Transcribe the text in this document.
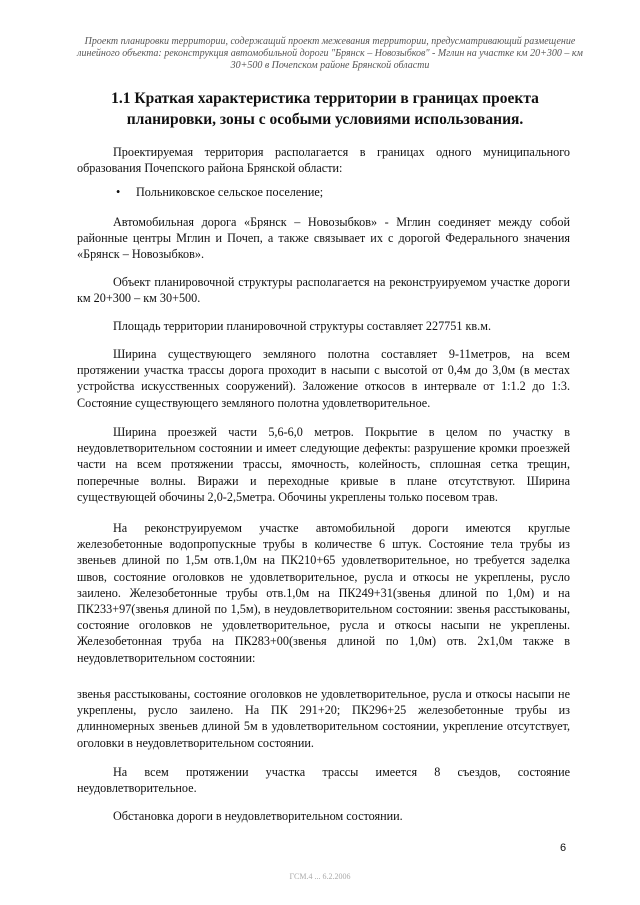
Проект планировки территории, содержащий проект межевания территории, предусматривающий размещение линейного объекта: реконструкция автомобильной дороги "Брянск – Новозыбков" - Мглин на участке км 20+300 – км 30+500 в Почепском районе Брянской области
1.1 Краткая характеристика территории в границах проекта планировки, зоны с особыми условиями использования.
Проектируемая территория располагается в границах одного муниципального образования Почепского района Брянской области:
• Польниковское сельское поселение;
Автомобильная дорога «Брянск – Новозыбков» - Мглин соединяет между собой районные центры Мглин и Почеп, а также связывает их с дорогой Федерального значения «Брянск – Новозыбков».
Объект планировочной структуры располагается на реконструируемом участке дороги км 20+300 – км 30+500.
Площадь территории планировочной структуры составляет 227751 кв.м.
Ширина существующего земляного полотна составляет 9-11метров, на всем протяжении участка трассы дорога проходит в насыпи с высотой от 0,4м до 3,0м (в местах устройства искусственных сооружений). Заложение откосов в интервале от 1:1.2 до 1:3. Состояние существующего земляного полотна удовлетворительное.
Ширина проезжей части 5,6-6,0 метров. Покрытие в целом по участку в неудовлетворительном состоянии и имеет следующие дефекты: разрушение кромки проезжей части на всем протяжении трассы, ямочность, колейность, сплошная сетка трещин, поперечные волны. Виражи и переходные кривые в плане отсутствуют. Ширина существующей обочины 2,0-2,5метра. Обочины укреплены только посевом трав.
На реконструируемом участке автомобильной дороги имеются круглые железобетонные водопропускные трубы в количестве 6 штук. Состояние тела трубы из звеньев длиной по 1,5м отв.1,0м на ПК210+65 удовлетворительное, но требуется заделка швов, состояние оголовков не удовлетворительное, русла и откосы не укреплены, русло заилено. Железобетонные трубы отв.1,0м на ПК249+31(звенья длиной по 1,0м) и на ПК233+97(звенья длиной по 1,5м), в неудовлетворительном состоянии: звенья расстыкованы, состояние оголовков не удовлетворительное, русла и откосы насыпи не укреплены. Железобетонная труба на ПК283+00(звенья длиной по 1,0м) отв. 2х1,0м также в неудовлетворительном состоянии:
звенья расстыкованы, состояние оголовков не удовлетворительное, русла и откосы насыпи не укреплены, русло заилено. На ПК 291+20; ПК296+25 железобетонные трубы из длинномерных звеньев длиной 5м в удовлетворительном состоянии, укрепление отсутствует, оголовки в неудовлетворительном состоянии.
На всем протяжении участка трассы имеется 8 съездов, состояние неудовлетворительное.
Обстановка дороги в неудовлетворительном состоянии.
6
ГСМ.4 ... 6.2.2006
